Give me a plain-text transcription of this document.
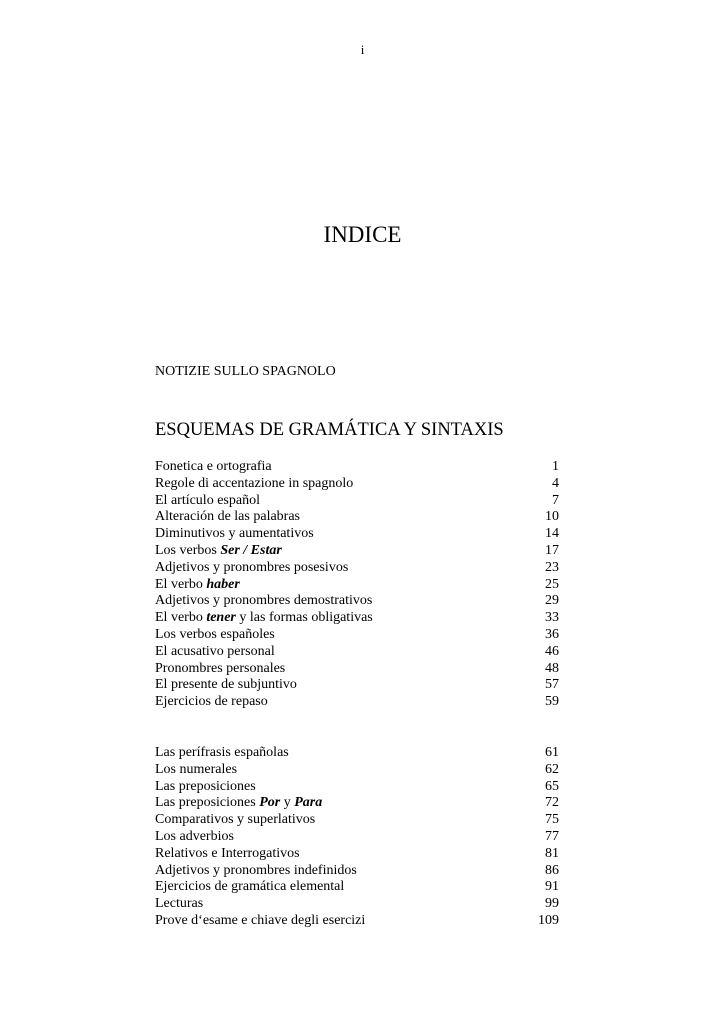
i
INDICE
NOTIZIE SULLO SPAGNOLO
ESQUEMAS DE GRAMÁTICA Y SINTAXIS
Fonetica e ortografia	1
Regole di accentazione in spagnolo	4
El artículo español	7
Alteración de las palabras	10
Diminutivos y aumentativos	14
Los verbos Ser / Estar	17
Adjetivos y pronombres posesivos	23
El verbo haber	25
Adjetivos y pronombres demostrativos	29
El verbo tener y las formas obligativas	33
Los verbos españoles	36
El acusativo personal	46
Pronombres personales	48
El presente de subjuntivo	57
Ejercicios de repaso	59
Las perífrasis españolas	61
Los numerales	62
Las preposiciones	65
Las preposiciones Por y Para	72
Comparativos y superlativos	75
Los adverbios	77
Relativos e Interrogativos	81
Adjetivos y pronombres indefinidos	86
Ejercicios de gramática elemental	91
Lecturas	99
Prove d‘esame e chiave degli esercizi	109
